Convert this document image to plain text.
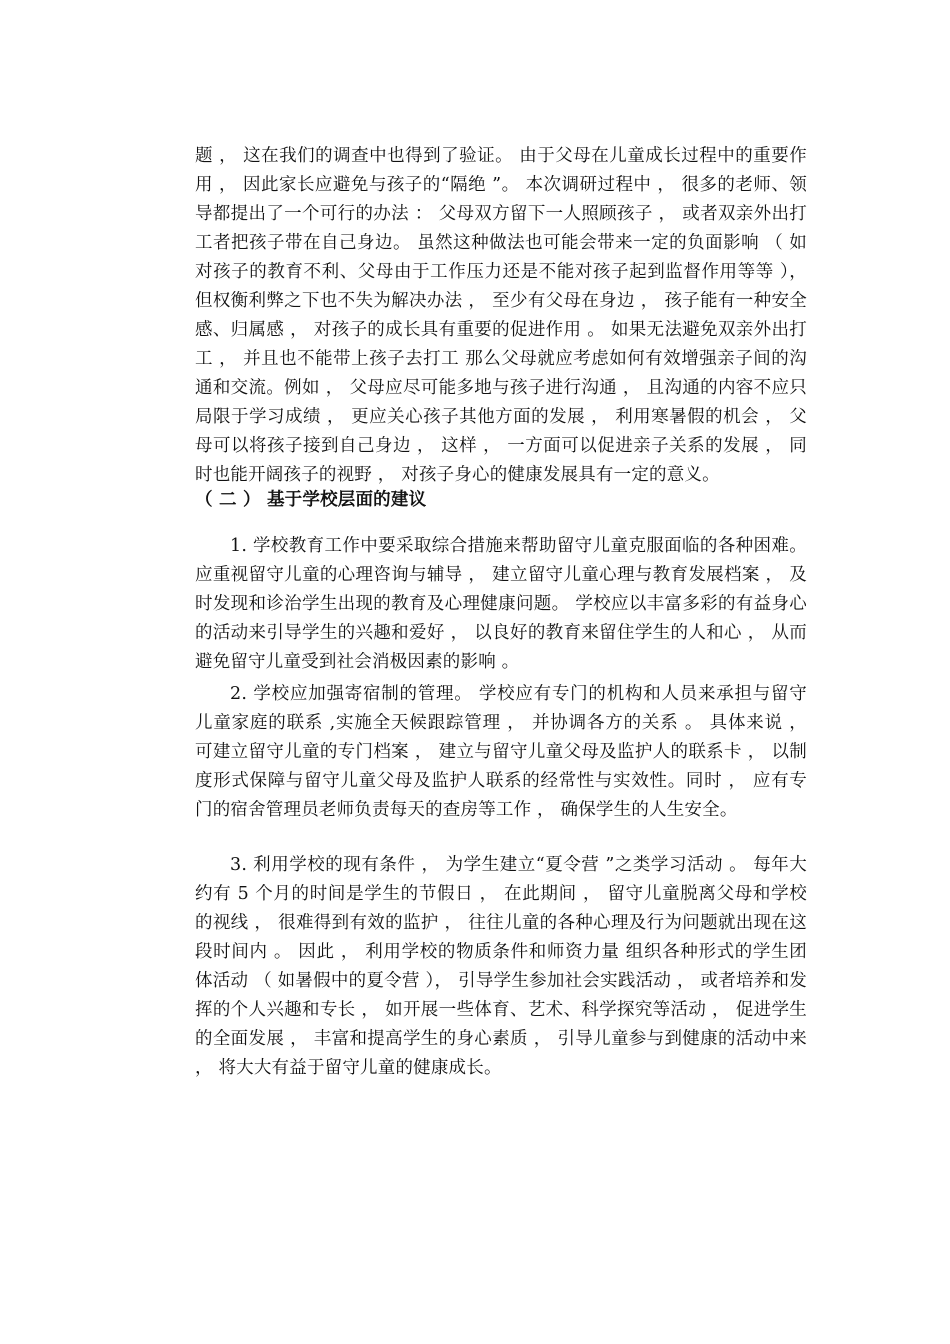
题 ， 这在我们的调查中也得到了验证。 由于父母在儿童成长过程中的重要作用 ， 因此家长应避免与孩子的“隔绝 ”。 本次调研过程中 ， 很多的老师、领导都提出了一个可行的办法 ： 父母双方留下一人照顾孩子 ， 或者双亲外出打工者把孩子带在自己身边。 虽然这种做法也可能会带来一定的负面影响 （ 如对孩子的教育不利、父母由于工作压力还是不能对孩子起到监督作用等等 ）， 但权衡利弊之下也不失为解决办法 ， 至少有父母在身边 ， 孩子能有一种安全感、归属感 ， 对孩子的成长具有重要的促进作用 。 如果无法避免双亲外出打工 ， 并且也不能带上孩子去打工 那么父母就应考虑如何有效增强亲子间的沟通和交流。例如 ， 父母应尽可能多地与孩子进行沟通 ， 且沟通的内容不应只局限于学习成绩 ， 更应关心孩子其他方面的发展 ， 利用寒暑假的机会 ， 父母可以将孩子接到自己身边 ， 这样 ， 一方面可以促进亲子关系的发展 ， 同时也能开阔孩子的视野 ， 对孩子身心的健康发展具有一定的意义。

（ 二 ） 基于学校层面的建议

1. 学校教育工作中要采取综合措施来帮助留守儿童克服面临的各种困难。应重视留守儿童的心理咨询与辅导 ， 建立留守儿童心理与教育发展档案 ， 及时发现和诊治学生出现的教育及心理健康问题。 学校应以丰富多彩的有益身心的活动来引导学生的兴趣和爱好 ， 以良好的教育来留住学生的人和心 ， 从而避免留守儿童受到社会消极因素的影响 。

2. 学校应加强寄宿制的管理。 学校应有专门的机构和人员来承担与留守儿童家庭的联系 ,实施全天候跟踪管理 ， 并协调各方的关系 。 具体来说 ， 可建立留守儿童的专门档案 ， 建立与留守儿童父母及监护人的联系卡 ， 以制度形式保障与留守儿童父母及监护人联系的经常性与实效性。同时 ， 应有专门的宿舍管理员老师负责每天的查房等工作 ， 确保学生的人生安全。

3. 利用学校的现有条件 ， 为学生建立“夏令营 ”之类学习活动 。 每年大约有 5 个月的时间是学生的节假日 ， 在此期间 ， 留守儿童脱离父母和学校的视线 ， 很难得到有效的监护 ， 往往儿童的各种心理及行为问题就出现在这段时间内 。 因此 ， 利用学校的物质条件和师资力量 组织各种形式的学生团体活动 （ 如暑假中的夏令营 ）， 引导学生参加社会实践活动 ， 或者培养和发挥的个人兴趣和专长 ， 如开展一些体育、艺术、科学探究等活动 ， 促进学生的全面发展 ， 丰富和提高学生的身心素质 ， 引导儿童参与到健康的活动中来 ， 将大大有益于留守儿童的健康成长。
